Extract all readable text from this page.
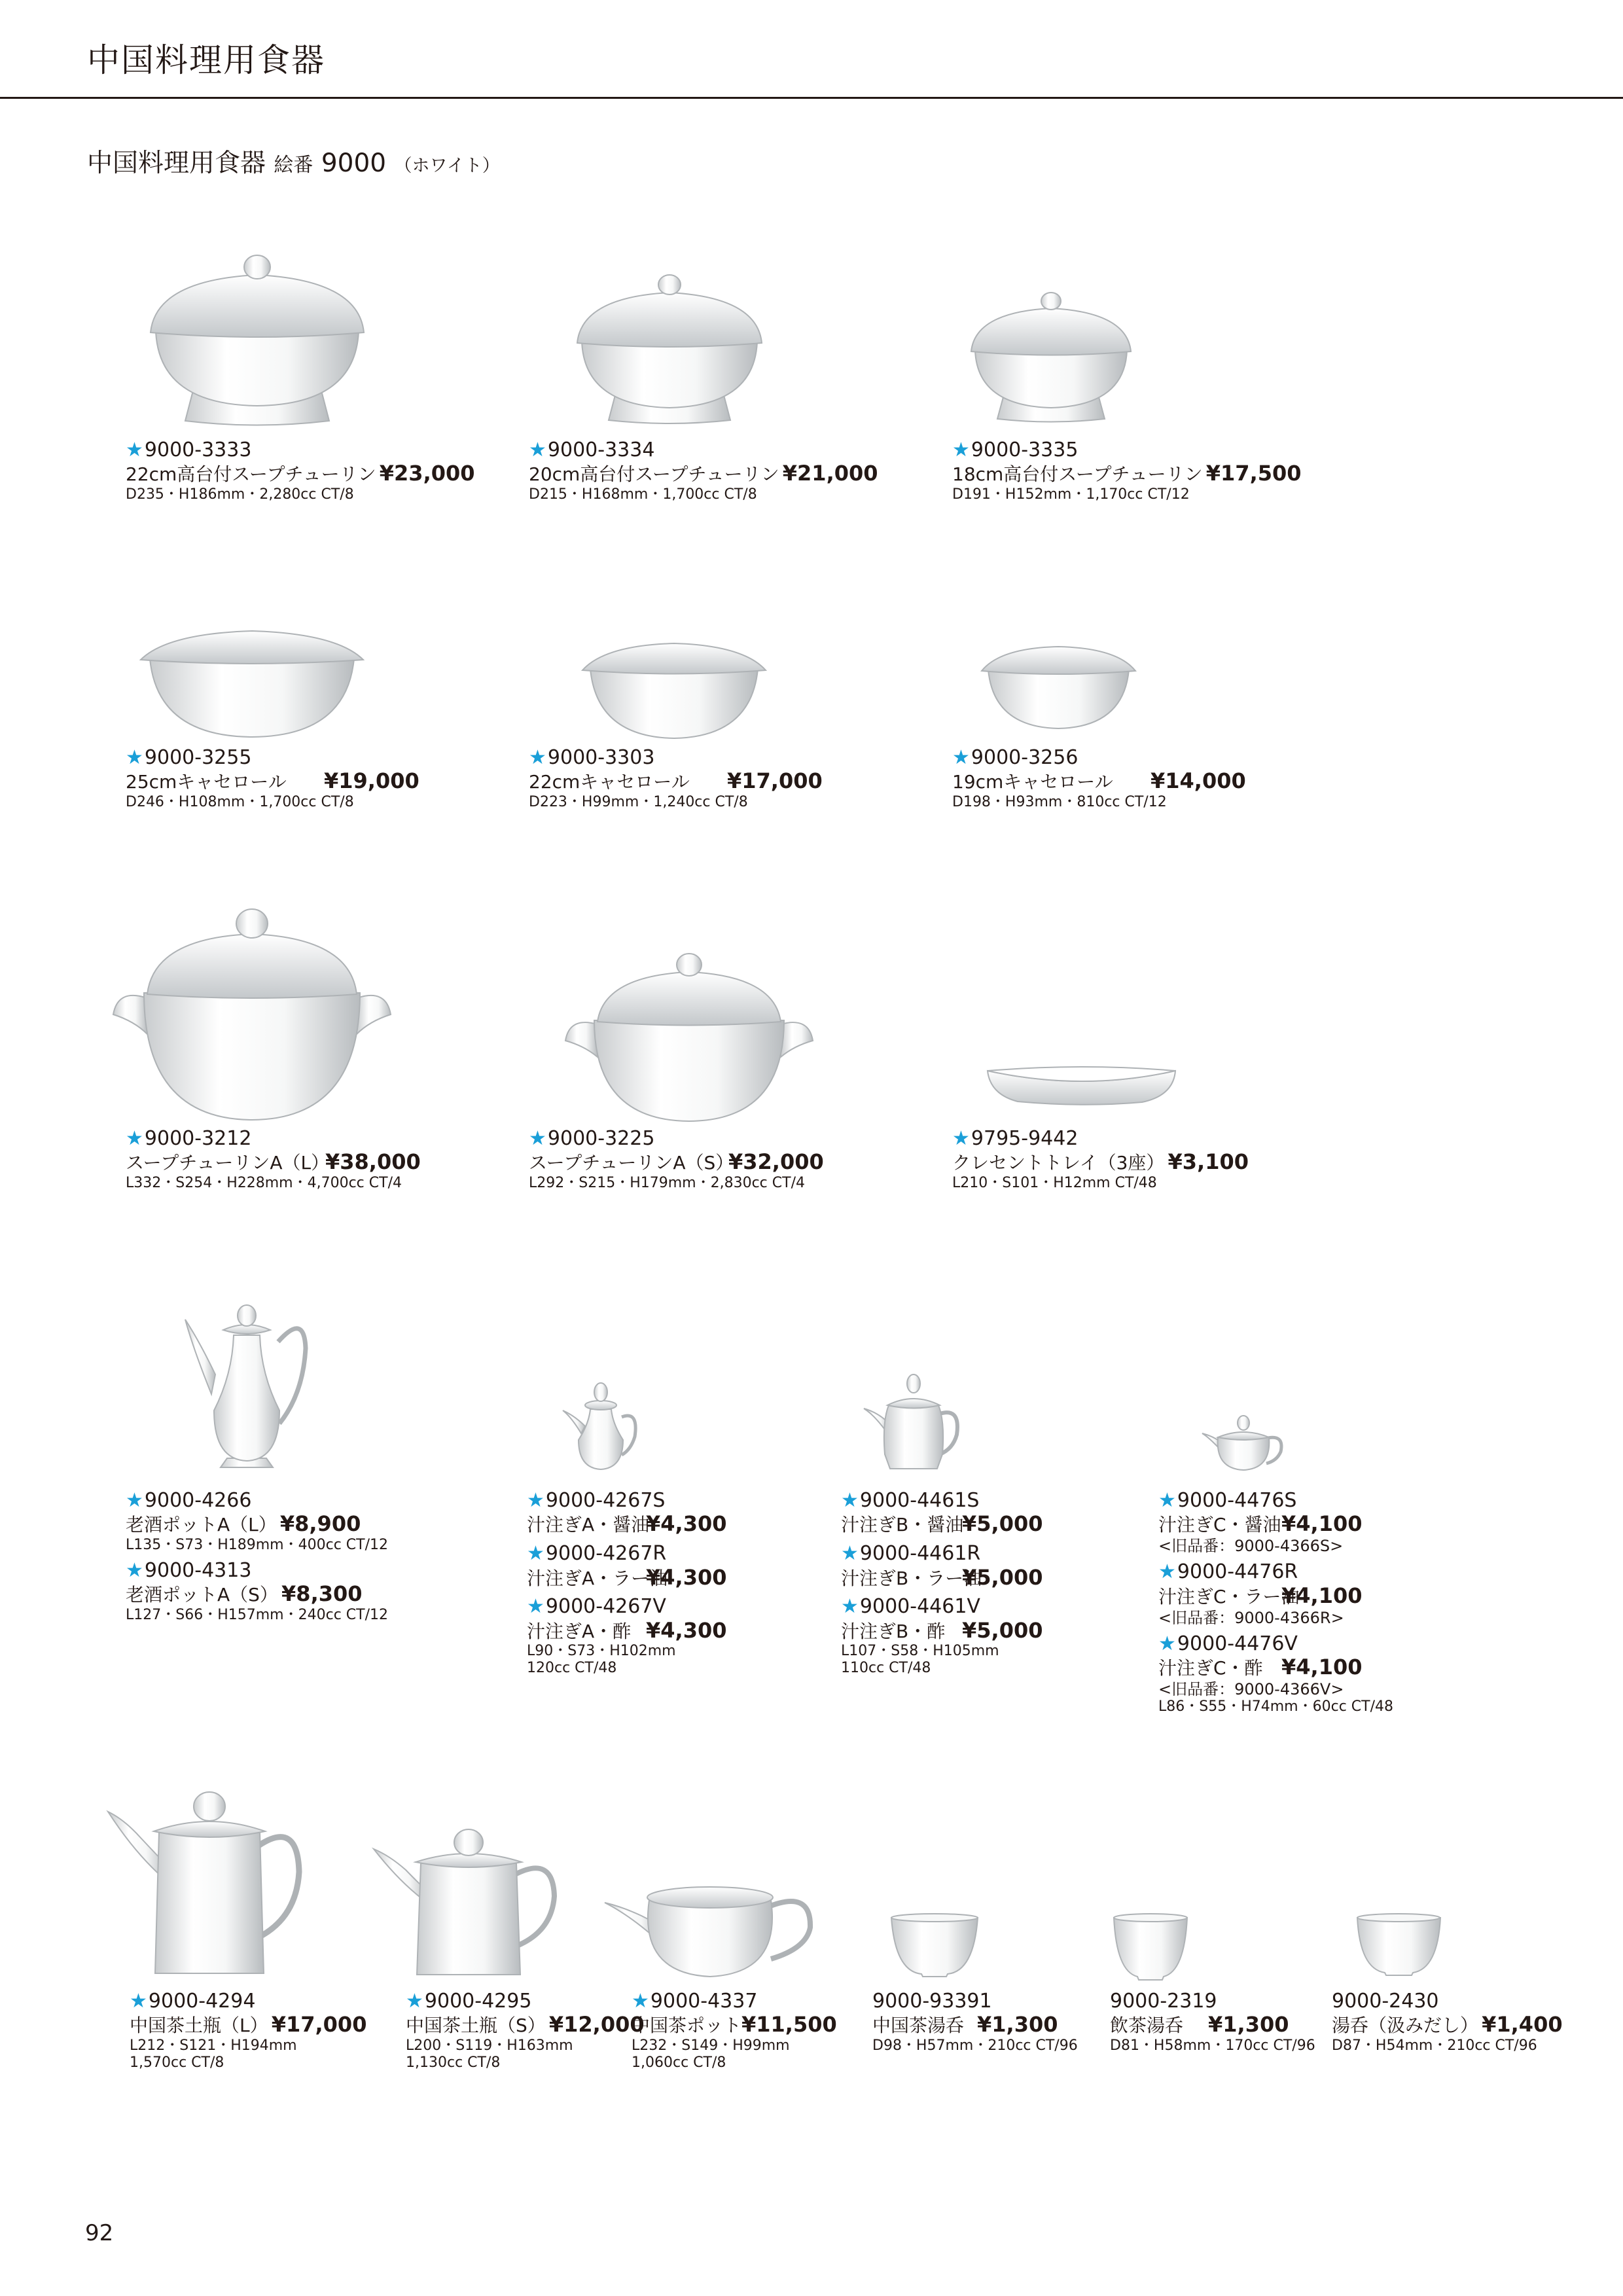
中国料理用食器
中国料理用食器 絵番 9000 （ホワイト）
★9000-3333
22cm高台付スープチューリン ¥23,000
D235・H186mm・2,280cc CT/8
★9000-3334
20cm高台付スープチューリン ¥21,000
D215・H168mm・1,700cc CT/8
★9000-3335
18cm高台付スープチューリン ¥17,500
D191・H152mm・1,170cc CT/12
★9000-3255
25cmキャセロール ¥19,000
D246・H108mm・1,700cc CT/8
★9000-3303
22cmキャセロール ¥17,000
D223・H99mm・1,240cc CT/8
★9000-3256
19cmキャセロール ¥14,000
D198・H93mm・810cc CT/12
★9000-3212
スープチューリンA（L）¥38,000
L332・S254・H228mm・4,700cc CT/4
★9000-3225
スープチューリンA（S）¥32,000
L292・S215・H179mm・2,830cc CT/4
★9795-9442
クレセントトレイ（3座） ¥3,100
L210・S101・H12mm CT/48
★9000-4266
老酒ポットA（L） ¥8,900
L135・S73・H189mm・400cc CT/12
★9000-4313
老酒ポットA（S） ¥8,300
L127・S66・H157mm・240cc CT/12
★9000-4267S
汁注ぎA・醤油¥4,300
★9000-4267R
汁注ぎA・ラー油¥4,300
★9000-4267V
汁注ぎA・酢 ¥4,300
L90・S73・H102mm
120cc CT/48
★9000-4461S
汁注ぎB・醤油¥5,000
★9000-4461R
汁注ぎB・ラー油¥5,000
★9000-4461V
汁注ぎB・酢 ¥5,000
L107・S58・H105mm
110cc CT/48
★9000-4476S
汁注ぎC・醤油¥4,100
<旧品番：9000-4366S>
★9000-4476R
汁注ぎC・ラー油¥4,100
<旧品番：9000-4366R>
★9000-4476V
汁注ぎC・酢 ¥4,100
<旧品番：9000-4366V>
L86・S55・H74mm・60cc CT/48
★9000-4294
中国茶土瓶（L） ¥17,000
L212・S121・H194mm
1,570cc CT/8
★9000-4295
中国茶土瓶（S） ¥12,000
L200・S119・H163mm
1,130cc CT/8
★9000-4337
中国茶ポット¥11,500
L232・S149・H99mm
1,060cc CT/8
9000-93391
中国茶湯呑 ¥1,300
D98・H57mm・210cc CT/96
9000-2319
飲茶湯呑 ¥1,300
D81・H58mm・170cc CT/96
9000-2430
湯呑（汲みだし） ¥1,400
D87・H54mm・210cc CT/96
92
